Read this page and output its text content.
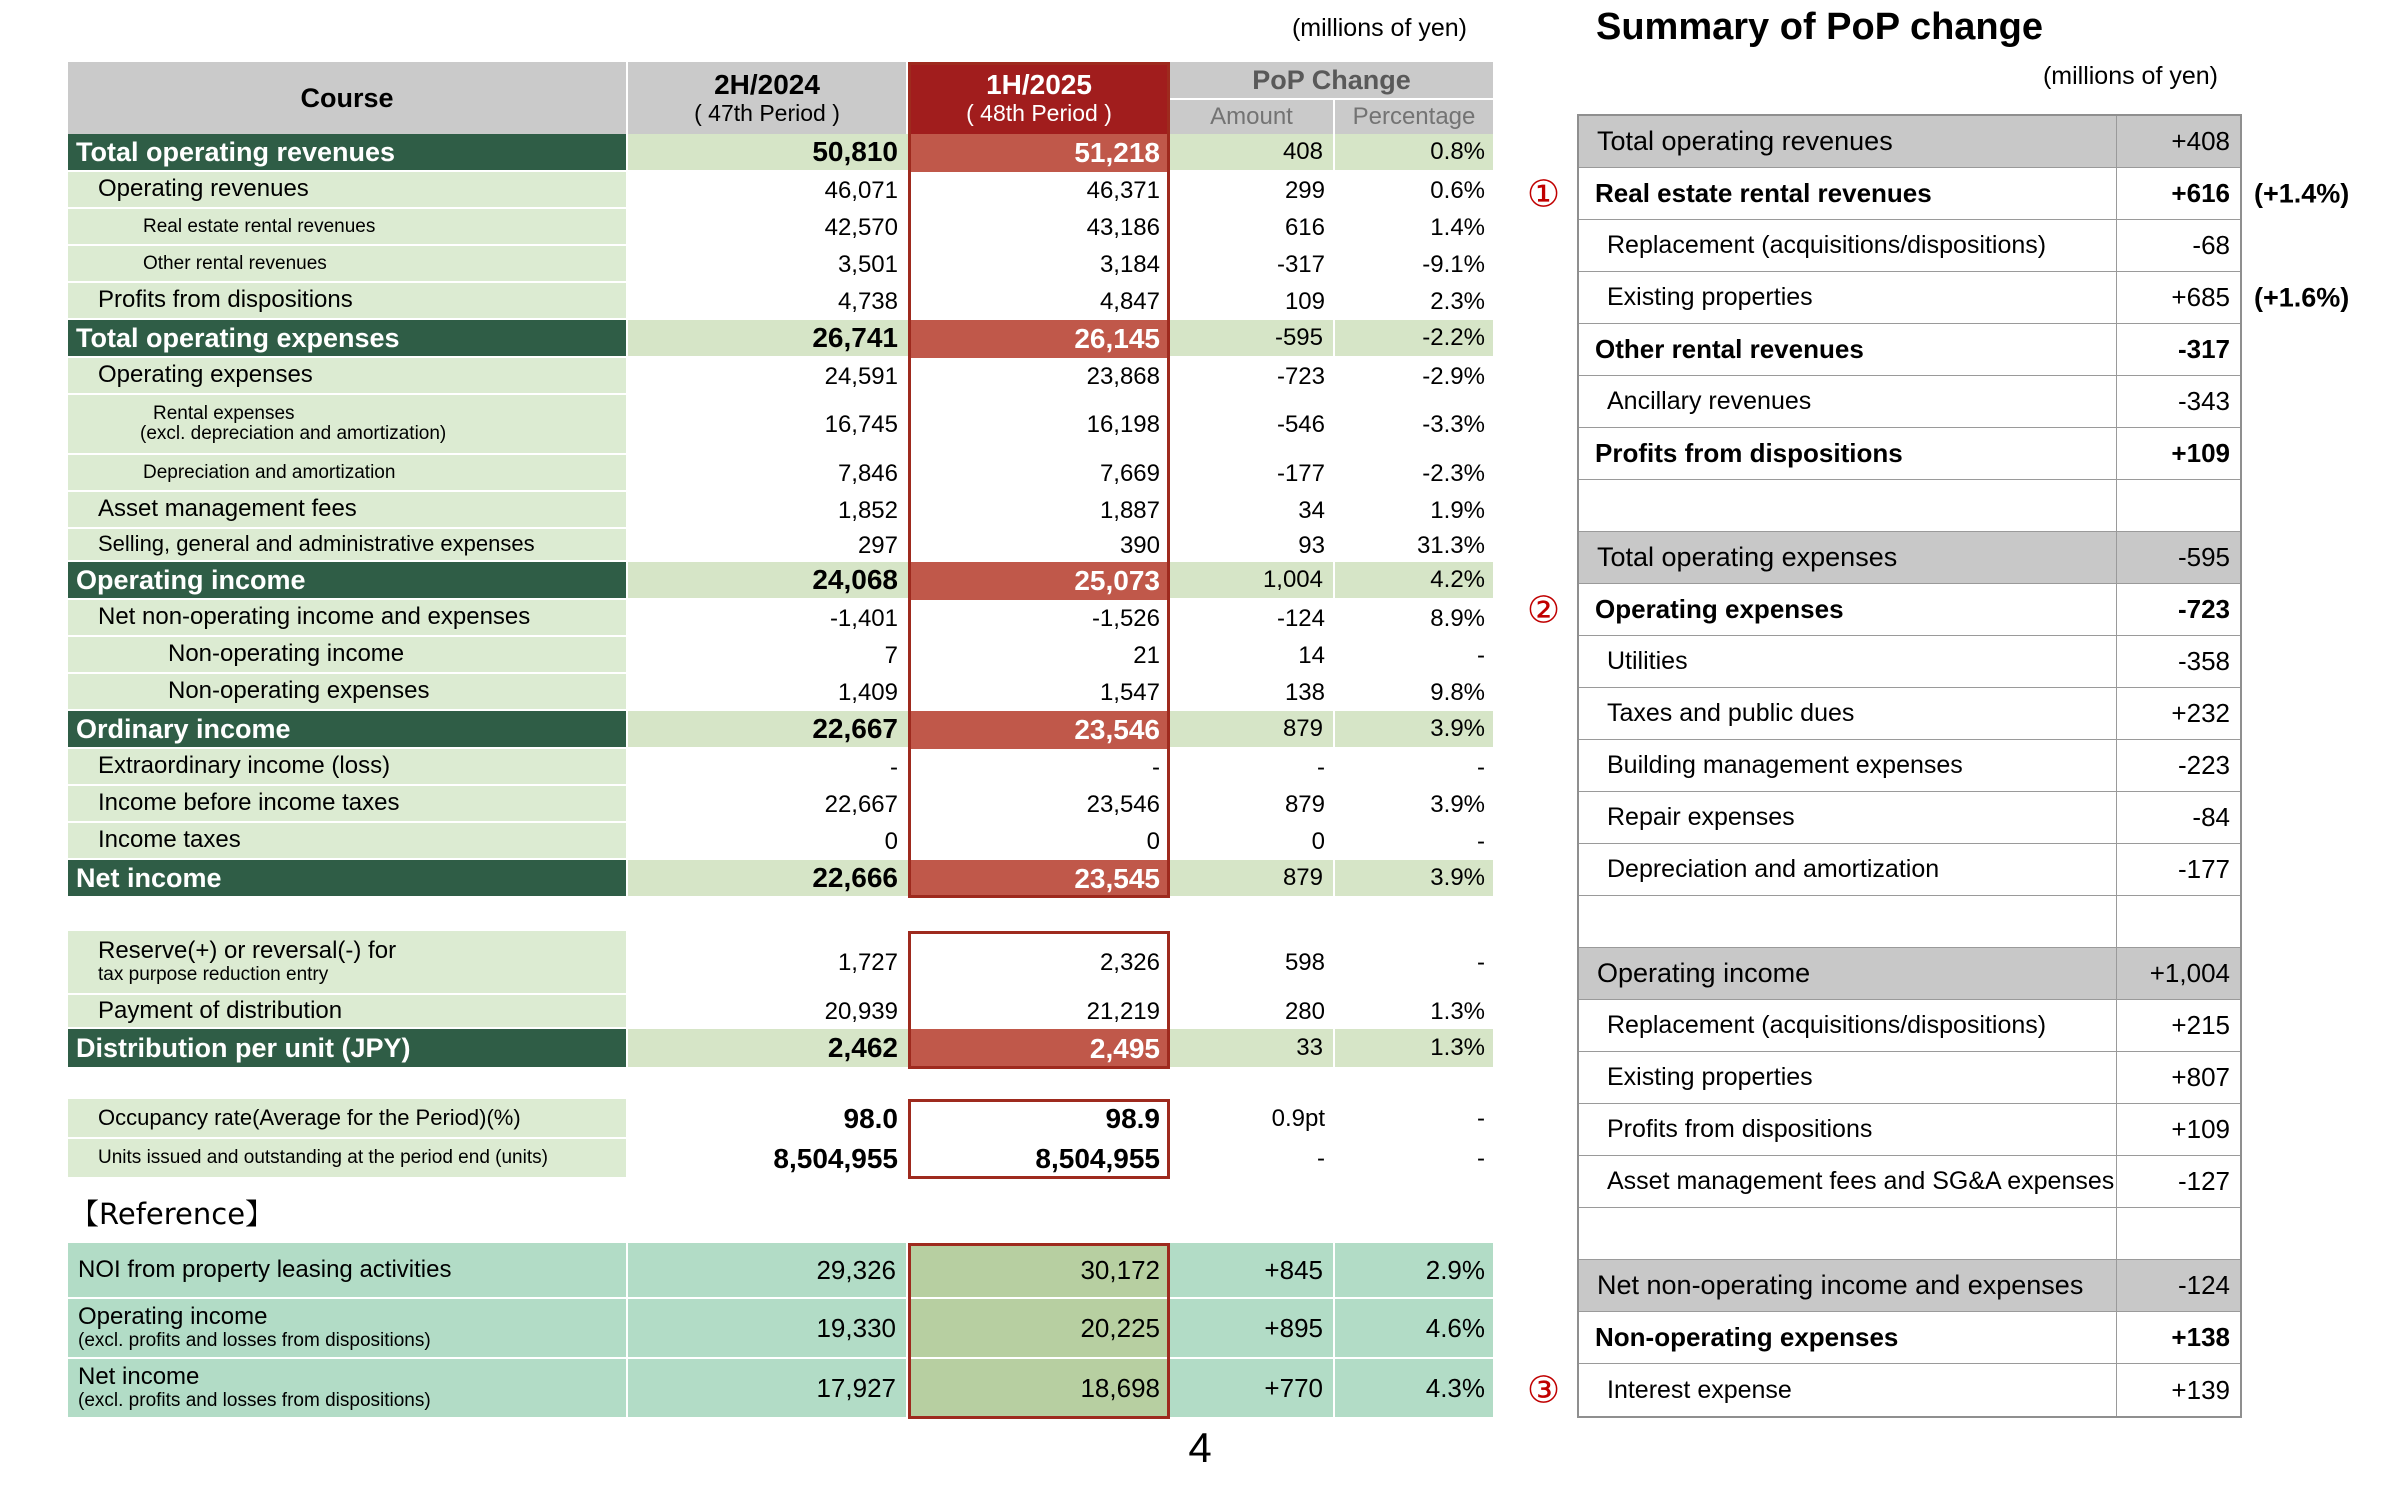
(millions of yen)
Course	2H/2024
( 47th Period )
1H/2025
( 48th Period )
PoP Change
Amount	Percentage
Total operating revenues	50,810	51,218	408	0.8%
Operating revenues	46,071	46,371	299	0.6%
Real estate rental revenues	42,570	43,186	616	1.4%
Other rental revenues	3,501	3,184	-317	-9.1%
Profits from dispositions	4,738	4,847	109	2.3%
Total operating expenses	26,741	26,145	-595	-2.2%
Operating expenses	24,591	23,868	-723	-2.9%
Rental expenses
(excl. depreciation and amortization)	16,745	16,198	-546	-3.3%
Depreciation and amortization	7,846	7,669	-177	-2.3%
Asset management fees	1,852	1,887	34	1.9%
Selling, general and administrative expenses	297	390	93	31.3%
Operating income	24,068	25,073	1,004	4.2%
Net non-operating income and expenses	-1,401	-1,526	-124	8.9%
Non-operating income	7	21	14	-
Non-operating expenses	1,409	1,547	138	9.8%
Ordinary income	22,667	23,546	879	3.9%
Extraordinary income (loss)	-	-	-	-
Income before income taxes	22,667	23,546	879	3.9%
Income taxes	0	0	0	-
Net income	22,666	23,545	879	3.9%
Reserve(+) or reversal(-) for
tax purpose reduction entry	1,727	2,326	598	-
Payment of distribution	20,939	21,219	280	1.3%
Distribution per unit (JPY)	2,462	2,495	33	1.3%
Occupancy rate(Average for the Period)(%)	98.0	98.9	0.9pt	-
Units issued and outstanding at the period end (units)	8,504,955	8,504,955	-	-
【Reference】
NOI from property leasing activities	29,326	30,172	+845	2.9%
Operating income
(excl. profits and losses from dispositions)	19,330	20,225	+895	4.6%
Net income
(excl. profits and losses from dispositions)	17,927	18,698	+770	4.3%
4
Summary of PoP change
(millions of yen)
Total operating revenues	+408
Real estate rental revenues	+616
①	(+1.4%)
Replacement (acquisitions/dispositions)	-68
Existing properties	+685 (+1.6%)
Other rental revenues	-317
Ancillary revenues	-343
Profits from dispositions	+109
Total operating expenses	-595
Operating expenses	-723
②
Utilities	-358
Taxes and public dues	+232
Building management expenses	-223
Repair expenses	-84
Depreciation and amortization	-177
Operating income	+1,004
Replacement (acquisitions/dispositions)	+215
Existing properties	+807
Profits from dispositions	+109
Asset management fees and SG&A expenses	-127
Net non-operating income and expenses	-124
Non-operating expenses	+138
Interest expense	+139
③
